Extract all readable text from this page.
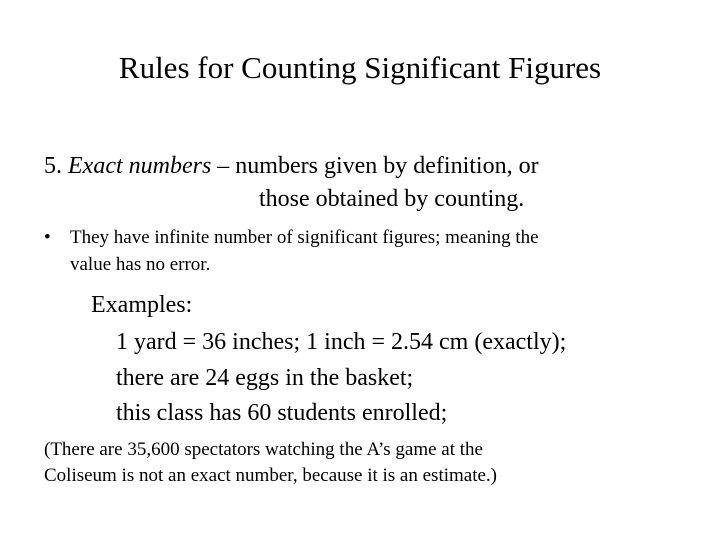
Rules for Counting Significant Figures
5. Exact numbers – numbers given by definition, or
those obtained by counting.
•	They have infinite number of significant figures; meaning the
value has no error.
Examples:
1 yard = 36 inches; 1 inch = 2.54 cm (exactly);
there are 24 eggs in the basket;
this class has 60 students enrolled;
(There are 35,600 spectators watching the A’s game at the
Coliseum is not an exact number, because it is an estimate.)
